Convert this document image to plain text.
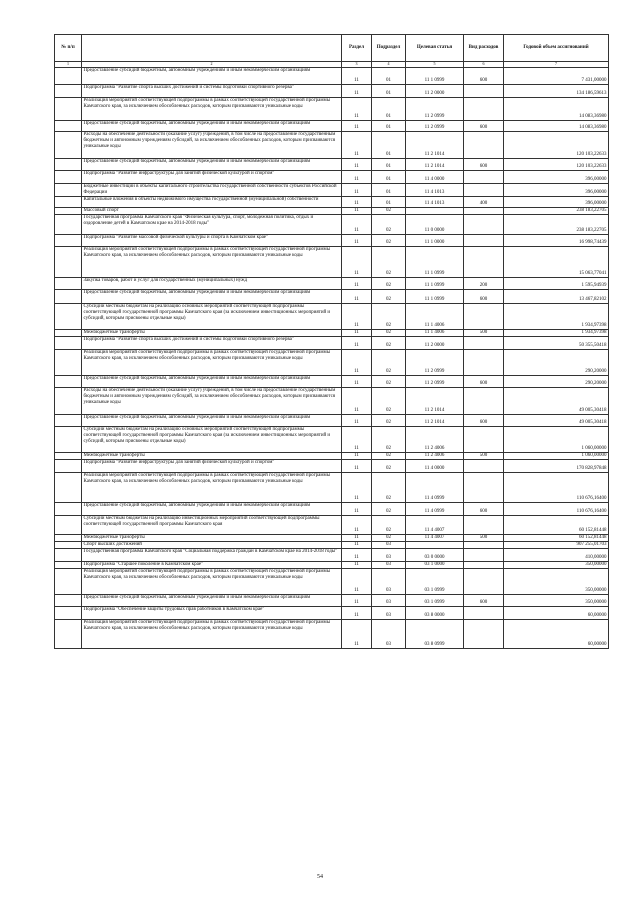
№ п/п		Раздел	Подраздел	Целевая статья	Вид расходов	Годовой объем ассигнований
1	2	3	4	5	6	7
	Предоставление субсидий бюджетным, автономным учреждениям и иным некоммерческим организациям	11	01	11 1 0999	600	7 431,00000
	Подпрограмма "Развитие спорта высших достижений и системы подготовки спортивного резерва"	11	01	11 2 0000		134 186,59613
	Реализация мероприятий соответствующей подпрограммы в рамках соответствующей государственной программы Камчатского края, за исключением обособленных расходов, которым присваиваются уникальные коды	11	01	11 2 0999		14 083,36980
	Предоставление субсидий бюджетным, автономным учреждениям и иным некоммерческим организациям	11	01	11 2 0999	600	14 083,36980
	Расходы на обеспечение деятельности (оказание услуг) учреждений, в том числе на предоставление государственным бюджетным и автономным учреждениям субсидий, за исключением обособленных расходов, которым присваиваются уникальные коды	11	01	11 2 1014		120 103,22633
	Предоставление субсидий бюджетным, автономным учреждениям и иным некоммерческим организациям	11	01	11 2 1014	600	120 103,22633
	Подпрограмма "Развитие инфраструктуры для занятий физической культурой и спортом"	11	01	11 4 0000		396,00000
	Бюджетные инвестиции в объекты капитального строительства государственной собственности субъектов Российской Федерации	11	01	11 4 1013		396,00000
	Капитальные вложения в объекты недвижимого имущества государственной (муниципальной) собственности	11	01	11 4 1013	400	396,00000
	Массовый спорт	11	02			238 183,22705
	Государственная программа Камчатского края "Физическая культура, спорт, молодежная политика, отдых и оздоровление детей в Камчатском крае на 2014-2018 годы"	11	02	11 0 0000		238 183,22705
	Подпрограмма "Развитие массовой физической культуры и спорта в Камчатском крае"	11	02	11 1 0000		16 998,74439
	Реализация мероприятий соответствующей подпрограммы в рамках соответствующей государственной программы Камчатского края, за исключением обособленных расходов, которым присваиваются уникальные коды	11	02	11 1 0999		15 063,77041
	Закупка товаров, работ и услуг для государственных (муниципальных) нужд	11	02	11 1 0999	200	1 595,94939
	Предоставление субсидий бюджетным, автономным учреждениям и иным некоммерческим организациям	11	02	11 1 0999	600	13 467,82102
	Субсидии местным бюджетам на реализацию основных мероприятий соответствующей подпрограммы соответствующей государственной программы Камчатского края (за исключением инвестиционных мероприятий и субсидий, которым присвоены отдельные коды)	11	02	11 1 4006		1 934,97398
	Межбюджетные трансферты	11	02	11 1 4006	500	1 934,97398
	Подпрограмма "Развитие спорта высших достижений и системы подготовки спортивного резерва"	11	02	11 2 0000		50 355,50418
	Реализация мероприятий соответствующей подпрограммы в рамках соответствующей государственной программы Камчатского края, за исключением обособленных расходов, которым присваиваются уникальные коды	11	02	11 2 0999		290,20000
	Предоставление субсидий бюджетным, автономным учреждениям и иным некоммерческим организациям	11	02	11 2 0999	600	290,20000
	Расходы на обеспечение деятельности (оказание услуг) учреждений, в том числе на предоставление государственным бюджетным и автономным учреждениям субсидий, за исключением обособленных расходов, которым присваиваются уникальные коды	11	02	11 2 1014		49 005,30418
	Предоставление субсидий бюджетным, автономным учреждениям и иным некоммерческим организациям	11	02	11 2 1014	600	49 005,30418
	Субсидии местным бюджетам на реализацию основных мероприятий соответствующей подпрограммы соответствующей государственной программы Камчатского края (за исключением инвестиционных мероприятий и субсидий, которым присвоены отдельные коды)	11	02	11 2 4006		1 060,00000
	Межбюджетные трансферты	11	02	11 2 4006	500	1 060,00000
	Подпрограмма "Развитие инфраструктуры для занятий физической культурой и спортом"	11	02	11 4 0000		170 828,97848
	Реализация мероприятий соответствующей подпрограммы в рамках соответствующей государственной программы Камчатского края, за исключением обособленных расходов, которым присваиваются уникальные коды	11	02	11 4 0999		110 676,16400
	Предоставление субсидий бюджетным, автономным учреждениям и иным некоммерческим организациям	11	02	11 4 0999	600	110 676,16400
	Субсидии местным бюджетам на реализацию инвестиционных мероприятий соответствующей подпрограммы соответствующей государственной программы Камчатского края	11	02	11 4 4007		60 152,81448
	Межбюджетные трансферты	11	02	11 4 4007	500	60 152,81448
	Спорт высших достижений	11	03			907 255,01703
	Государственная программа Камчатского края "Социальная поддержка граждан в Камчатском крае на 2014-2018 годы"	11	03	03 0 0000		410,00000
	Подпрограмма "Старшее поколение в Камчатском крае"	11	03	03 1 0000		350,00000
	Реализация мероприятий соответствующей подпрограммы в рамках соответствующей государственной программы Камчатского края, за исключением обособленных расходов, которым присваиваются уникальные коды	11	03	03 1 0999		350,00000
	Предоставление субсидий бюджетным, автономным учреждениям и иным некоммерческим организациям	11	03	03 1 0999	600	350,00000
	Подпрограмма "Обеспечение защиты трудовых прав работников в Камчатском крае"	11	03	03 8 0000		60,00000
	Реализация мероприятий соответствующей подпрограммы в рамках соответствующей государственной программы Камчатского края, за исключением обособленных расходов, которым присваиваются уникальные коды	11	03	03 8 0999		60,00000
54
